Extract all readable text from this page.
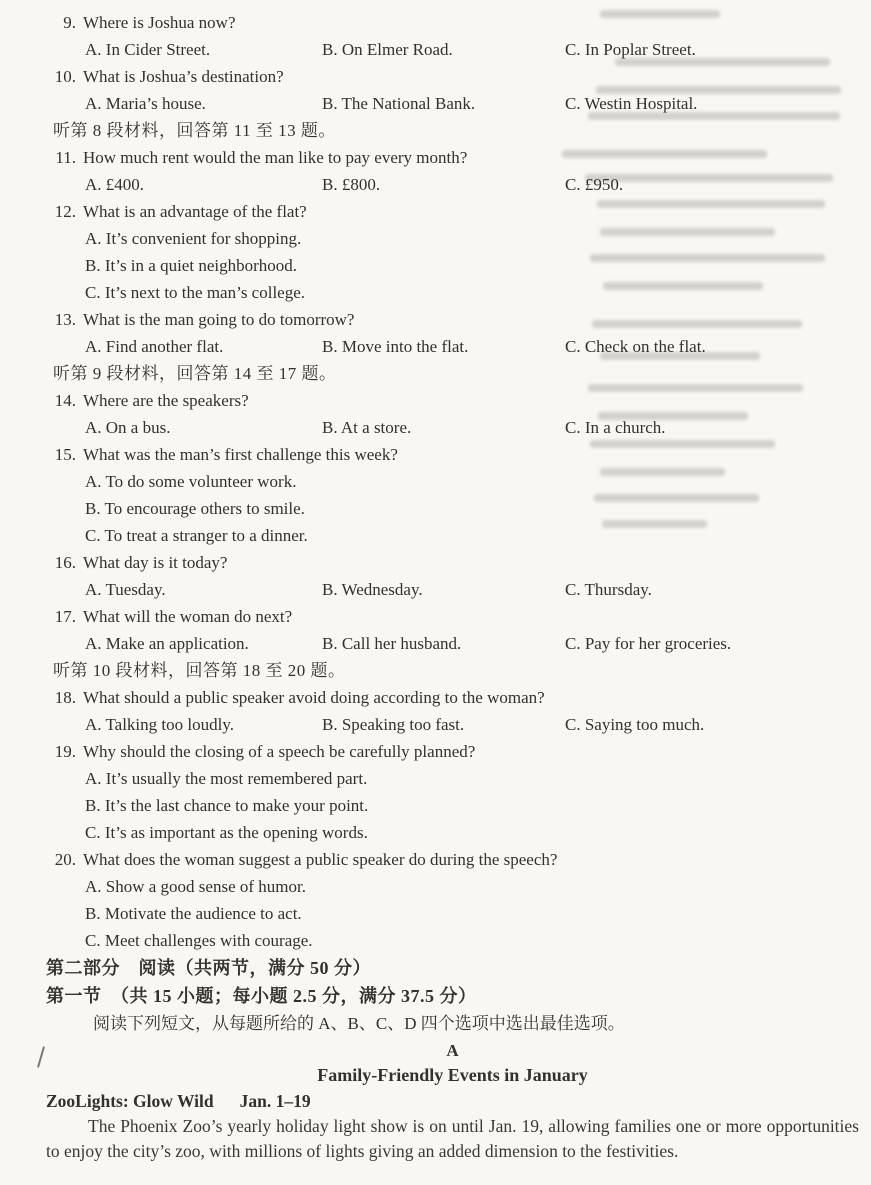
9. Where is Joshua now?
A. In Cider Street.	B. On Elmer Road.	C. In Poplar Street.
10. What is Joshua’s destination?
A. Maria’s house.	B. The National Bank.	C. Westin Hospital.
听第 8 段材料，回答第 11 至 13 题。
11. How much rent would the man like to pay every month?
A. £400.	B. £800.	C. £950.
12. What is an advantage of the flat?
A. It’s convenient for shopping.
B. It’s in a quiet neighborhood.
C. It’s next to the man’s college.
13. What is the man going to do tomorrow?
A. Find another flat.	B. Move into the flat.	C. Check on the flat.
听第 9 段材料，回答第 14 至 17 题。
14. Where are the speakers?
A. On a bus.	B. At a store.	C. In a church.
15. What was the man’s first challenge this week?
A. To do some volunteer work.
B. To encourage others to smile.
C. To treat a stranger to a dinner.
16. What day is it today?
A. Tuesday.	B. Wednesday.	C. Thursday.
17. What will the woman do next?
A. Make an application.	B. Call her husband.	C. Pay for her groceries.
听第 10 段材料，回答第 18 至 20 题。
18. What should a public speaker avoid doing according to the woman?
A. Talking too loudly.	B. Speaking too fast.	C. Saying too much.
19. Why should the closing of a speech be carefully planned?
A. It’s usually the most remembered part.
B. It’s the last chance to make your point.
C. It’s as important as the opening words.
20. What does the woman suggest a public speaker do during the speech?
A. Show a good sense of humor.
B. Motivate the audience to act.
C. Meet challenges with courage.
第二部分　阅读（共两节，满分 50 分）
第一节　（共 15 小题；每小题 2.5 分，满分 37.5 分）
阅读下列短文，从每题所给的 A、B、C、D 四个选项中选出最佳选项。
A
Family-Friendly Events in January
ZooLights: Glow Wild Jan. 1–19
The Phoenix Zoo’s yearly holiday light show is on until Jan. 19, allowing families one or more opportunities to enjoy the city’s zoo, with millions of lights giving an added dimension to the festivities.
